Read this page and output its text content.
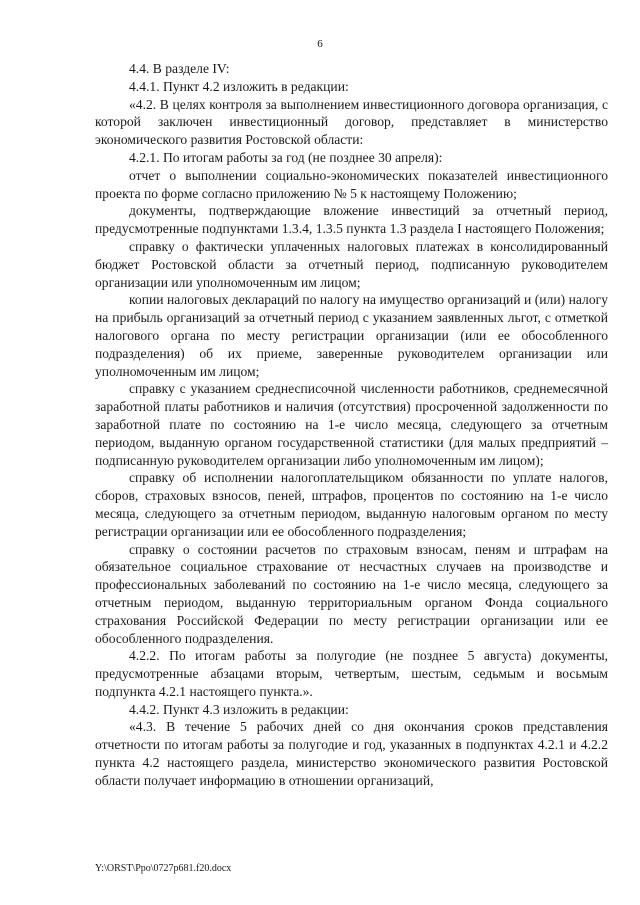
6

4.4. В разделе IV:

4.4.1. Пункт 4.2 изложить в редакции:

«4.2. В целях контроля за выполнением инвестиционного договора организация, с которой заключен инвестиционный договор, представляет в министерство экономического развития Ростовской области:

4.2.1. По итогам работы за год (не позднее 30 апреля):

отчет о выполнении социально-экономических показателей инвестиционного проекта по форме согласно приложению № 5 к настоящему Положению;

документы, подтверждающие вложение инвестиций за отчетный период, предусмотренные подпунктами 1.3.4, 1.3.5 пункта 1.3 раздела I настоящего Положения;

справку о фактически уплаченных налоговых платежах в консолидированный бюджет Ростовской области за отчетный период, подписанную руководителем организации или уполномоченным им лицом;

копии налоговых деклараций по налогу на имущество организаций и (или) налогу на прибыль организаций за отчетный период с указанием заявленных льгот, с отметкой налогового органа по месту регистрации организации (или ее обособленного подразделения) об их приеме, заверенные руководителем организации или уполномоченным им лицом;

справку с указанием среднесписочной численности работников, среднемесячной заработной платы работников и наличия (отсутствия) просроченной задолженности по заработной плате по состоянию на 1-е число месяца, следующего за отчетным периодом, выданную органом государственной статистики (для малых предприятий – подписанную руководителем организации либо уполномоченным им лицом);

справку об исполнении налогоплательщиком обязанности по уплате налогов, сборов, страховых взносов, пеней, штрафов, процентов по состоянию на 1-е число месяца, следующего за отчетным периодом, выданную налоговым органом по месту регистрации организации или ее обособленного подразделения;

справку о состоянии расчетов по страховым взносам, пеням и штрафам на обязательное социальное страхование от несчастных случаев на производстве и профессиональных заболеваний по состоянию на 1-е число месяца, следующего за отчетным периодом, выданную территориальным органом Фонда социального страхования Российской Федерации по месту регистрации организации или ее обособленного подразделения.

4.2.2. По итогам работы за полугодие (не позднее 5 августа) документы, предусмотренные абзацами вторым, четвертым, шестым, седьмым и восьмым подпункта 4.2.1 настоящего пункта.».

4.4.2. Пункт 4.3 изложить в редакции:

«4.3. В течение 5 рабочих дней со дня окончания сроков представления отчетности по итогам работы за полугодие и год, указанных в подпунктах 4.2.1 и 4.2.2 пункта 4.2 настоящего раздела, министерство экономического развития Ростовской области получает информацию в отношении организаций,

Y:\ORST\Ppo\0727p681.f20.docx
